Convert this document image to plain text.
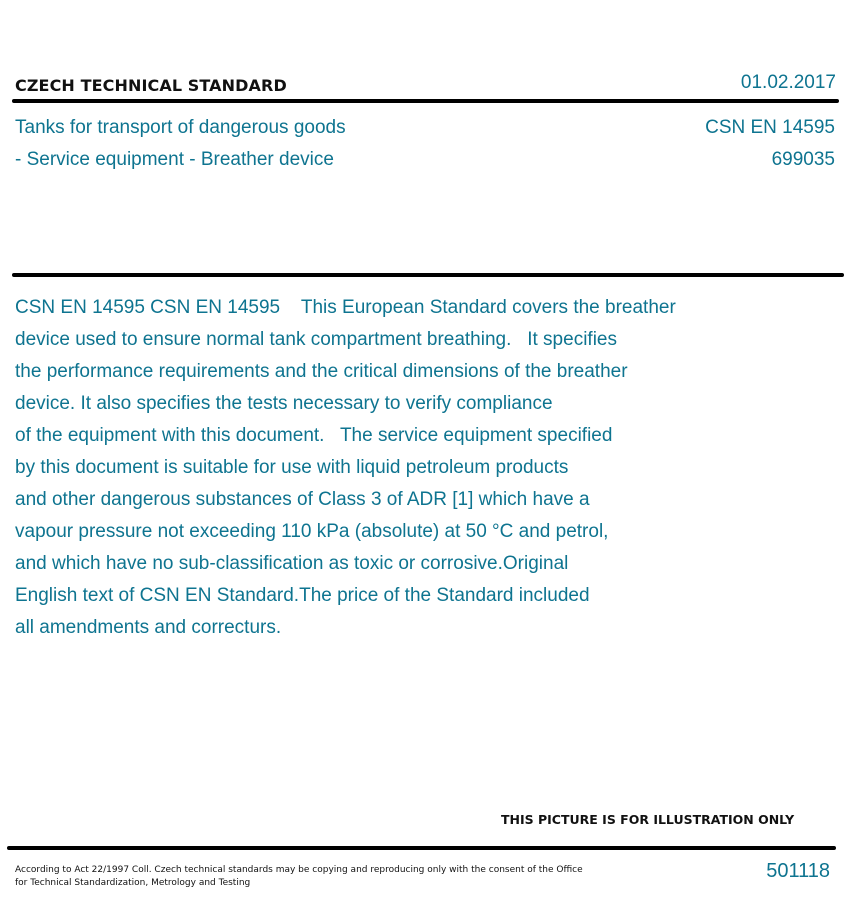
CZECH TECHNICAL STANDARD	01.02.2017
Tanks for transport of dangerous goods
- Service equipment - Breather device
CSN EN 14595
699035
CSN EN 14595 CSN EN 14595    This European Standard covers the breather
device used to ensure normal tank compartment breathing.   It specifies
the performance requirements and the critical dimensions of the breather
device. It also specifies the tests necessary to verify compliance
of the equipment with this document.   The service equipment specified
by this document is suitable for use with liquid petroleum products
and other dangerous substances of Class 3 of ADR [1] which have a
vapour pressure not exceeding 110 kPa (absolute) at 50 °C and petrol,
and which have no sub-classification as toxic or corrosive.Original
English text of CSN EN Standard.The price of the Standard included
all amendments and correcturs.
THIS PICTURE IS FOR ILLUSTRATION ONLY
According to Act 22/1997 Coll. Czech technical standards may be copying and reproducing only with the consent of the Office
for Technical Standardization, Metrology and Testing
501118
